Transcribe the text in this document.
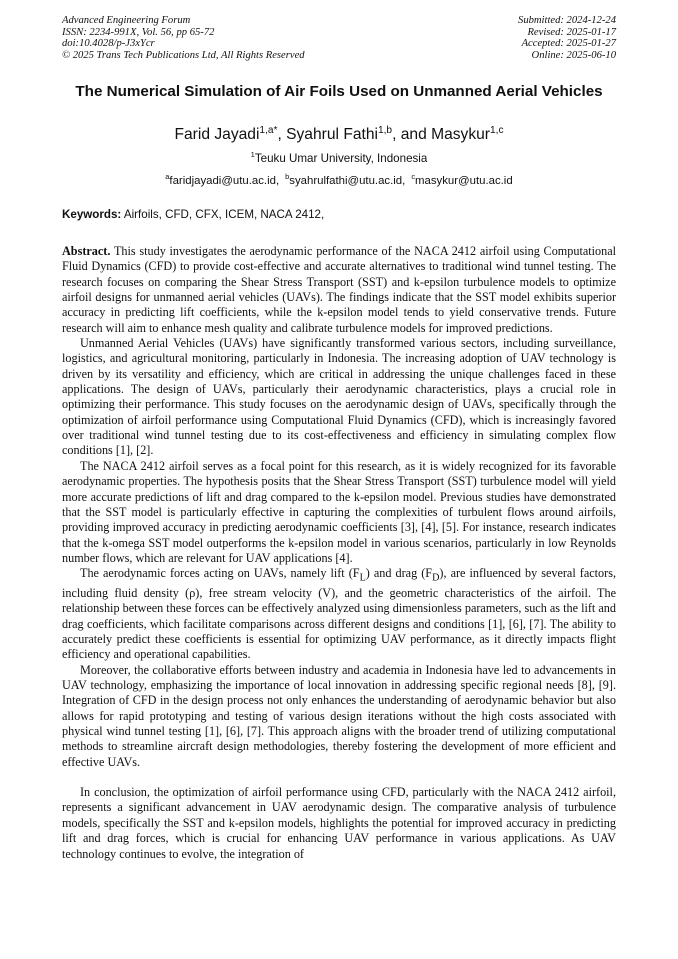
Advanced Engineering Forum
ISSN: 2234-991X, Vol. 56, pp 65-72
doi:10.4028/p-J3xYcr
© 2025 Trans Tech Publications Ltd, All Rights Reserved
Submitted: 2024-12-24
Revised: 2025-01-17
Accepted: 2025-01-27
Online: 2025-06-10
The Numerical Simulation of Air Foils Used on Unmanned Aerial Vehicles
Farid Jayadi$^{1,a*}$, Syahrul Fathi$^{1,b}$, and Masykur$^{1,c}$
$^1$Teuku Umar University, Indonesia
$^a$faridjayadi@utu.ac.id, $^b$syahrulfathi@utu.ac.id, $^c$masykur@utu.ac.id
Keywords: Airfoils, CFD, CFX, ICEM, NACA 2412,

Abstract. This study investigates the aerodynamic performance of the NACA 2412 airfoil using Computational Fluid Dynamics (CFD) to provide cost-effective and accurate alternatives to traditional wind tunnel testing. The research focuses on comparing the Shear Stress Transport (SST) and k-epsilon turbulence models to optimize airfoil designs for unmanned aerial vehicles (UAVs). The findings indicate that the SST model exhibits superior accuracy in predicting lift coefficients, while the k-epsilon model tends to yield conservative trends. Future research will aim to enhance mesh quality and calibrate turbulence models for improved predictions.

Unmanned Aerial Vehicles (UAVs) have significantly transformed various sectors, including surveillance, logistics, and agricultural monitoring, particularly in Indonesia. The increasing adoption of UAV technology is driven by its versatility and efficiency, which are critical in addressing the unique challenges faced in these applications. The design of UAVs, particularly their aerodynamic characteristics, plays a crucial role in optimizing their performance. This study focuses on the aerodynamic design of UAVs, specifically through the optimization of airfoil performance using Computational Fluid Dynamics (CFD), which is increasingly favored over traditional wind tunnel testing due to its cost-effectiveness and efficiency in simulating complex flow conditions [1], [2].

The NACA 2412 airfoil serves as a focal point for this research, as it is widely recognized for its favorable aerodynamic properties. The hypothesis posits that the Shear Stress Transport (SST) turbulence model will yield more accurate predictions of lift and drag compared to the k-epsilon model. Previous studies have demonstrated that the SST model is particularly effective in capturing the complexities of turbulent flows around airfoils, providing improved accuracy in predicting aerodynamic coefficients [3], [4], [5]. For instance, research indicates that the k-omega SST model outperforms the k-epsilon model in various scenarios, particularly in low Reynolds number flows, which are relevant for UAV applications [4].

The aerodynamic forces acting on UAVs, namely lift $(F_L)$ and drag $(F_D)$, are influenced by several factors, including fluid density (ρ), free stream velocity (V), and the geometric characteristics of the airfoil. The relationship between these forces can be effectively analyzed using dimensionless parameters, such as the lift and drag coefficients, which facilitate comparisons across different designs and conditions [1], [6], [7]. The ability to accurately predict these coefficients is essential for optimizing UAV performance, as it directly impacts flight efficiency and operational capabilities.

Moreover, the collaborative efforts between industry and academia in Indonesia have led to advancements in UAV technology, emphasizing the importance of local innovation in addressing specific regional needs [8], [9]. Integration of CFD in the design process not only enhances the understanding of aerodynamic behavior but also allows for rapid prototyping and testing of various design iterations without the high costs associated with physical wind tunnel testing [1], [6], [7]. This approach aligns with the broader trend of utilizing computational methods to streamline aircraft design methodologies, thereby fostering the development of more efficient and effective UAVs.

In conclusion, the optimization of airfoil performance using CFD, particularly with the NACA 2412 airfoil, represents a significant advancement in UAV aerodynamic design. The comparative analysis of turbulence models, specifically the SST and k-epsilon models, highlights the potential for improved accuracy in predicting lift and drag forces, which is crucial for enhancing UAV performance in various applications. As UAV technology continues to evolve, the integration of
